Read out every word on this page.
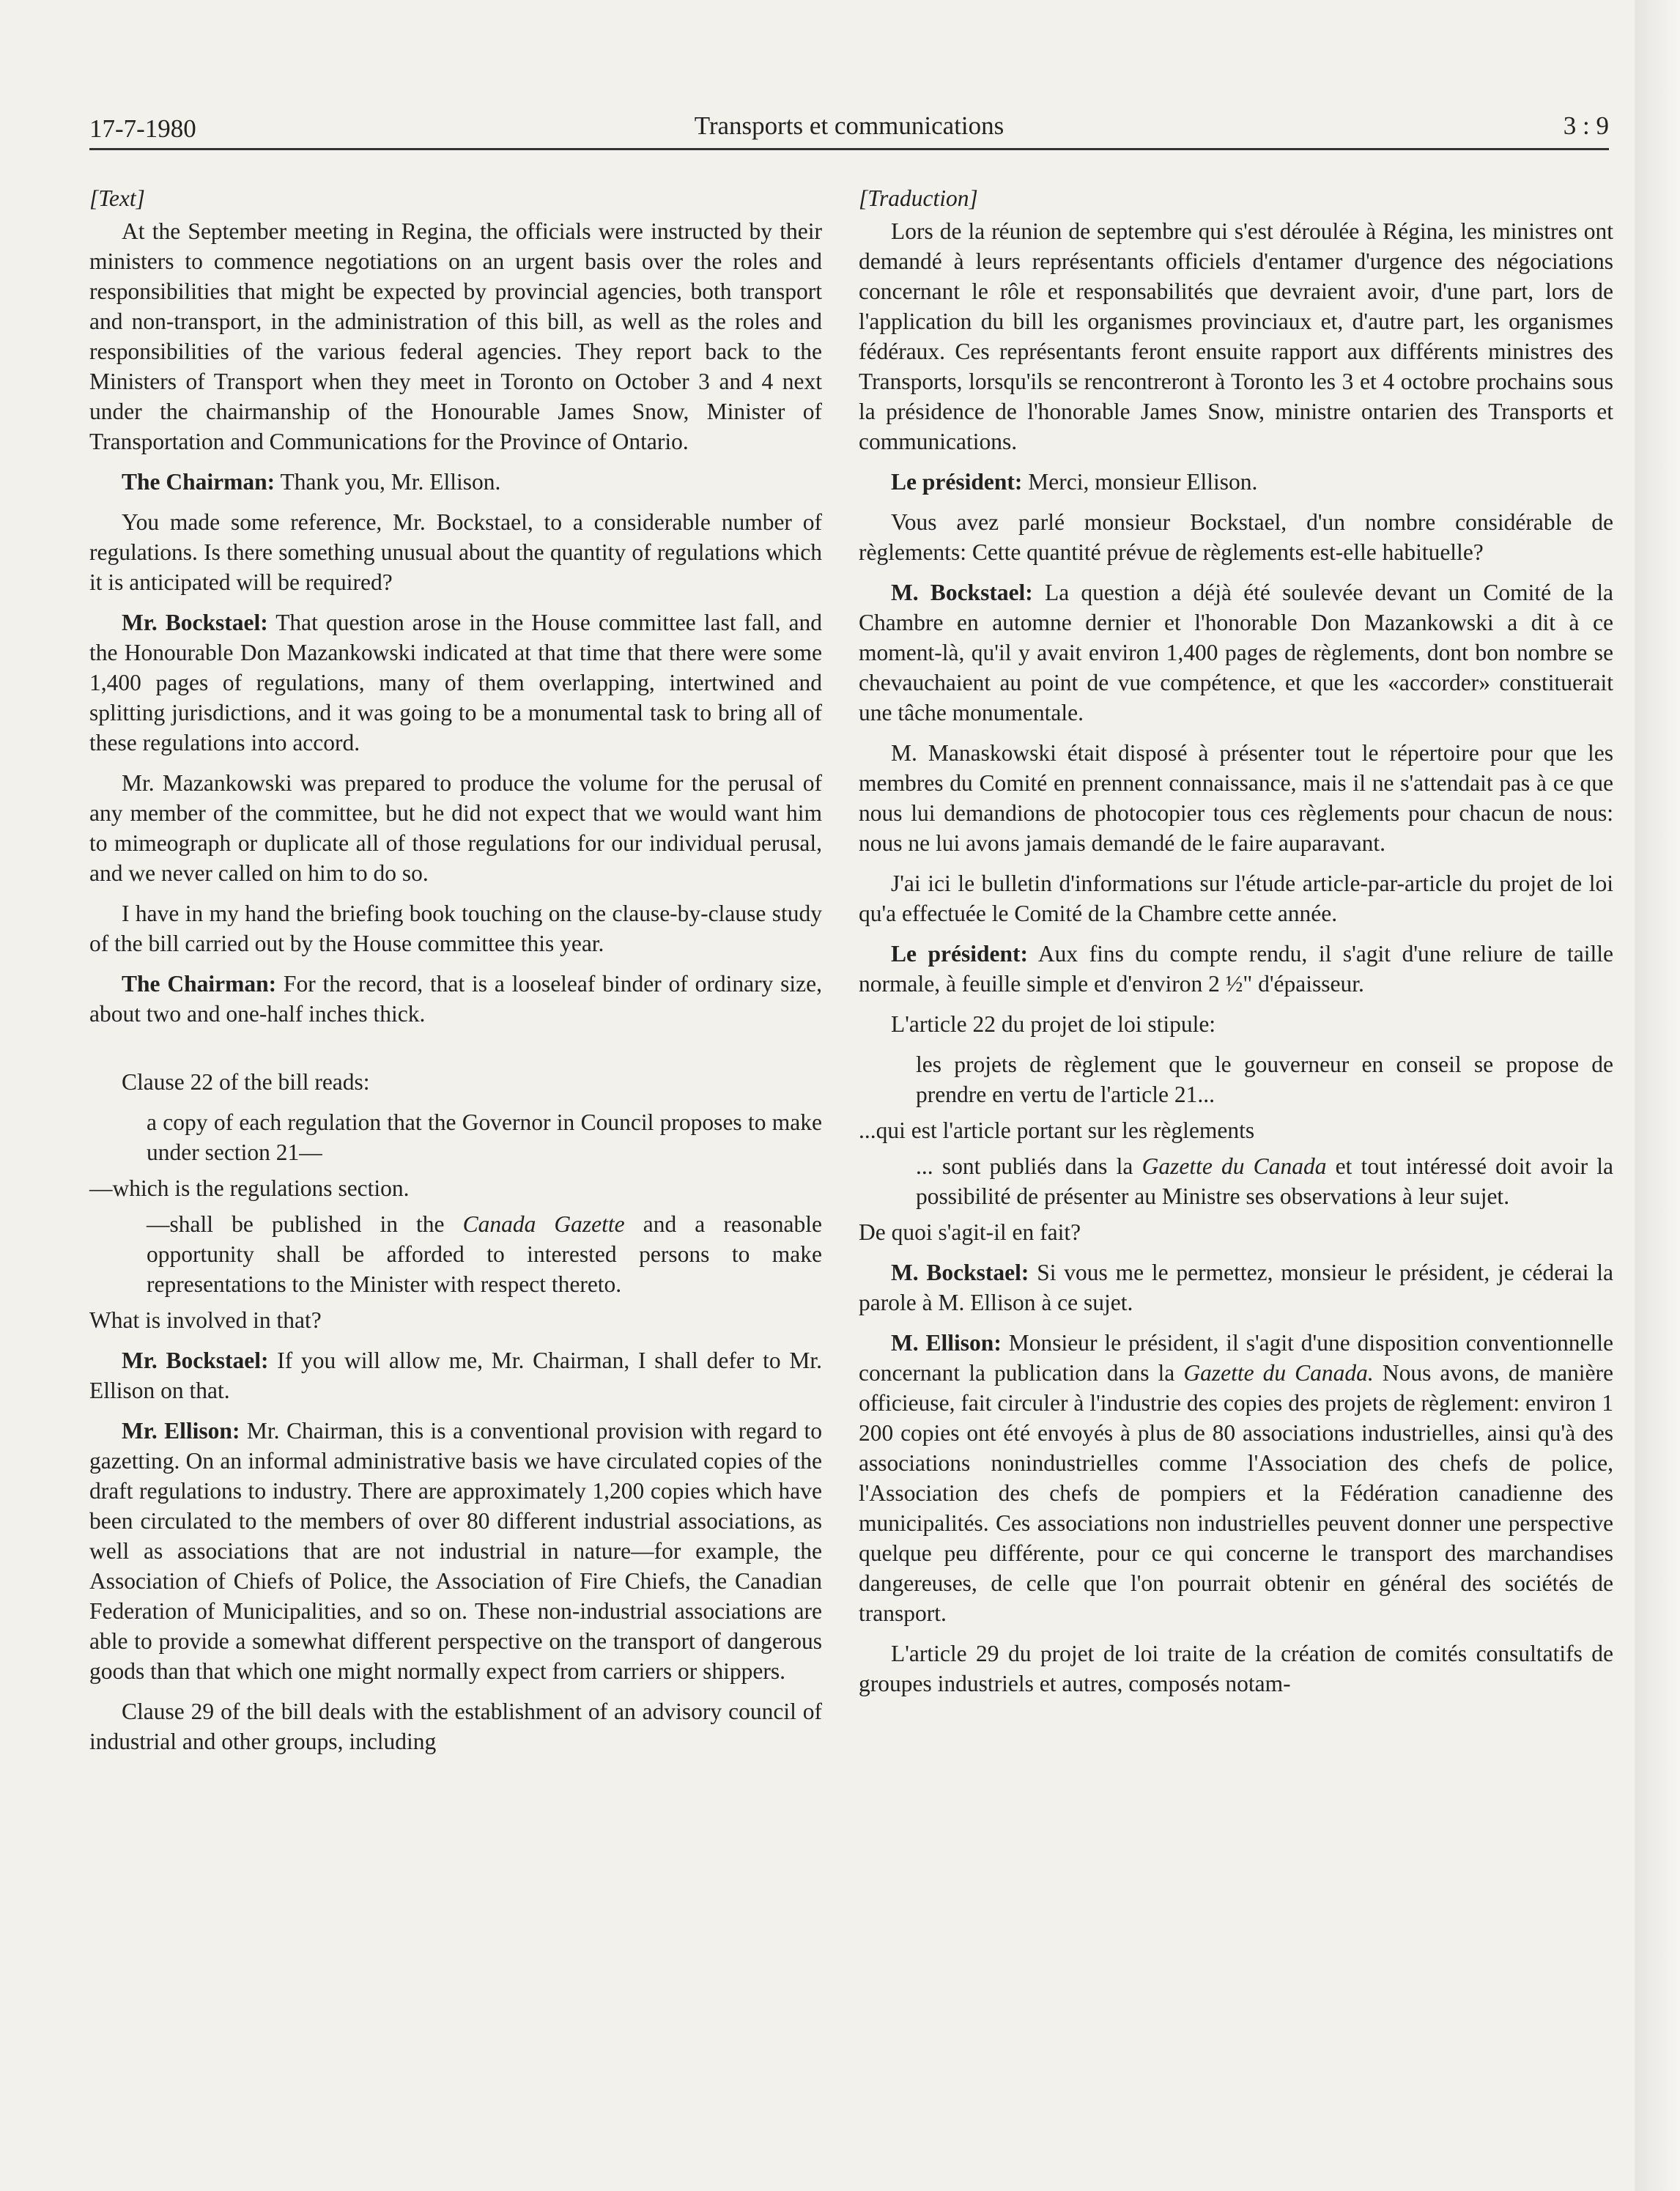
17-7-1980	Transports et communications	3 : 9

[Text]

At the September meeting in Regina, the officials were instructed by their ministers to commence negotiations on an urgent basis over the roles and responsibilities that might be expected by provincial agencies, both transport and non-transport, in the administration of this bill, as well as the roles and responsibilities of the various federal agencies. They report back to the Ministers of Transport when they meet in Toronto on October 3 and 4 next under the chairmanship of the Honourable James Snow, Minister of Transportation and Communications for the Province of Ontario.

The Chairman: Thank you, Mr. Ellison.

You made some reference, Mr. Bockstael, to a considerable number of regulations. Is there something unusual about the quantity of regulations which it is anticipated will be required?

Mr. Bockstael: That question arose in the House committee last fall, and the Honourable Don Mazankowski indicated at that time that there were some 1,400 pages of regulations, many of them overlapping, intertwined and splitting jurisdictions, and it was going to be a monumental task to bring all of these regulations into accord.

Mr. Mazankowski was prepared to produce the volume for the perusal of any member of the committee, but he did not expect that we would want him to mimeograph or duplicate all of those regulations for our individual perusal, and we never called on him to do so.

I have in my hand the briefing book touching on the clause-by-clause study of the bill carried out by the House committee this year.

The Chairman: For the record, that is a looseleaf binder of ordinary size, about two and one-half inches thick.

Clause 22 of the bill reads:

a copy of each regulation that the Governor in Council proposes to make under section 21—

—which is the regulations section.

—shall be published in the Canada Gazette and a reasonable opportunity shall be afforded to interested persons to make representations to the Minister with respect thereto.

What is involved in that?

Mr. Bockstael: If you will allow me, Mr. Chairman, I shall defer to Mr. Ellison on that.

Mr. Ellison: Mr. Chairman, this is a conventional provision with regard to gazetting. On an informal administrative basis we have circulated copies of the draft regulations to industry. There are approximately 1,200 copies which have been circulated to the members of over 80 different industrial associations, as well as associations that are not industrial in nature—for example, the Association of Chiefs of Police, the Association of Fire Chiefs, the Canadian Federation of Municipalities, and so on. These non-industrial associations are able to provide a somewhat different perspective on the transport of dangerous goods than that which one might normally expect from carriers or shippers.

Clause 29 of the bill deals with the establishment of an advisory council of industrial and other groups, including

[Traduction]

Lors de la réunion de septembre qui s'est déroulée à Régina, les ministres ont demandé à leurs représentants officiels d'entamer d'urgence des négociations concernant le rôle et responsabilités que devraient avoir, d'une part, lors de l'application du bill les organismes provinciaux et, d'autre part, les organismes fédéraux. Ces représentants feront ensuite rapport aux différents ministres des Transports, lorsqu'ils se rencontreront à Toronto les 3 et 4 octobre prochains sous la présidence de l'honorable James Snow, ministre ontarien des Transports et communications.

Le président: Merci, monsieur Ellison.

Vous avez parlé monsieur Bockstael, d'un nombre considérable de règlements: Cette quantité prévue de règlements est-elle habituelle?

M. Bockstael: La question a déjà été soulevée devant un Comité de la Chambre en automne dernier et l'honorable Don Mazankowski a dit à ce moment-là, qu'il y avait environ 1,400 pages de règlements, dont bon nombre se chevauchaient au point de vue compétence, et que les «accorder» constituerait une tâche monumentale.

M. Manaskowski était disposé à présenter tout le répertoire pour que les membres du Comité en prennent connaissance, mais il ne s'attendait pas à ce que nous lui demandions de photocopier tous ces règlements pour chacun de nous: nous ne lui avons jamais demandé de le faire auparavant.

J'ai ici le bulletin d'informations sur l'étude article-par-article du projet de loi qu'a effectuée le Comité de la Chambre cette année.

Le président: Aux fins du compte rendu, il s'agit d'une reliure de taille normale, à feuille simple et d'environ 2 ½" d'épaisseur.

L'article 22 du projet de loi stipule:

les projets de règlement que le gouverneur en conseil se propose de prendre en vertu de l'article 21...

...qui est l'article portant sur les règlements

... sont publiés dans la Gazette du Canada et tout intéressé doit avoir la possibilité de présenter au Ministre ses observations à leur sujet.

De quoi s'agit-il en fait?

M. Bockstael: Si vous me le permettez, monsieur le président, je céderai la parole à M. Ellison à ce sujet.

M. Ellison: Monsieur le président, il s'agit d'une disposition conventionnelle concernant la publication dans la Gazette du Canada. Nous avons, de manière officieuse, fait circuler à l'industrie des copies des projets de règlement: environ 1 200 copies ont été envoyés à plus de 80 associations industrielles, ainsi qu'à des associations nonindustrielles comme l'Association des chefs de police, l'Association des chefs de pompiers et la Fédération canadienne des municipalités. Ces associations non industrielles peuvent donner une perspective quelque peu différente, pour ce qui concerne le transport des marchandises dangereuses, de celle que l'on pourrait obtenir en général des sociétés de transport.

L'article 29 du projet de loi traite de la création de comités consultatifs de groupes industriels et autres, composés notam-
